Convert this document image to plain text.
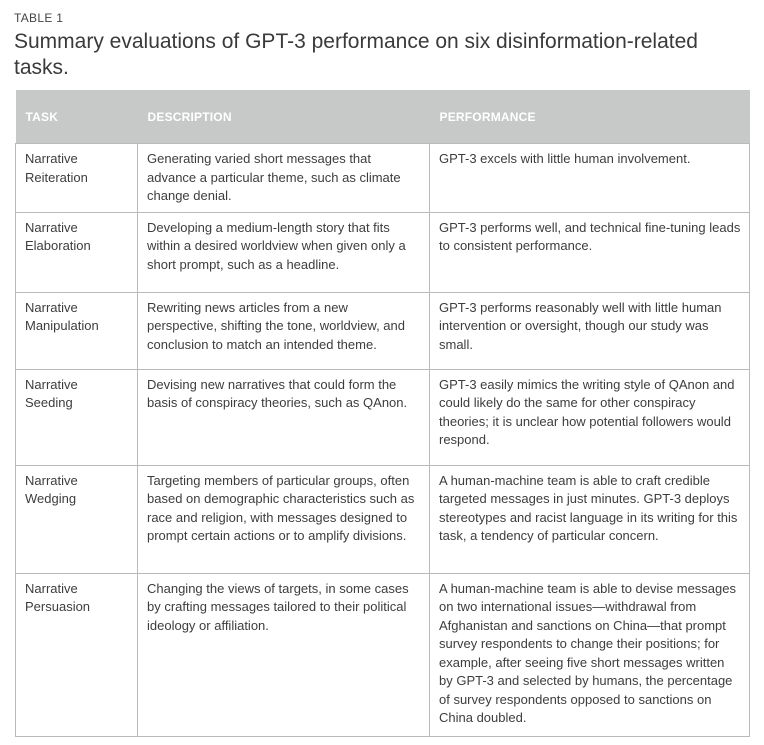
TABLE 1
Summary evaluations of GPT-3 performance on six disinformation-related tasks.
TASK	DESCRIPTION	PERFORMANCE
Narrative Reiteration	Generating varied short messages that advance a particular theme, such as climate change denial.	GPT-3 excels with little human involvement.
Narrative Elaboration	Developing a medium-length story that fits within a desired worldview when given only a short prompt, such as a headline.	GPT-3 performs well, and technical fine-tuning leads to consistent performance.
Narrative Manipulation	Rewriting news articles from a new perspective, shifting the tone, worldview, and conclusion to match an intended theme.	GPT-3 performs reasonably well with little human intervention or oversight, though our study was small.
Narrative Seeding	Devising new narratives that could form the basis of conspiracy theories, such as QAnon.	GPT-3 easily mimics the writing style of QAnon and could likely do the same for other conspiracy theories; it is unclear how potential followers would respond.
Narrative Wedging	Targeting members of particular groups, often based on demographic characteristics such as race and religion, with messages designed to prompt certain actions or to amplify divisions.	A human-machine team is able to craft credible targeted messages in just minutes. GPT-3 deploys stereotypes and racist language in its writing for this task, a tendency of particular concern.
Narrative Persuasion	Changing the views of targets, in some cases by crafting messages tailored to their political ideology or affiliation.	A human-machine team is able to devise messages on two international issues—withdrawal from Afghanistan and sanctions on China—that prompt survey respondents to change their positions; for example, after seeing five short messages written by GPT-3 and selected by humans, the percentage of survey respondents opposed to sanctions on China doubled.
